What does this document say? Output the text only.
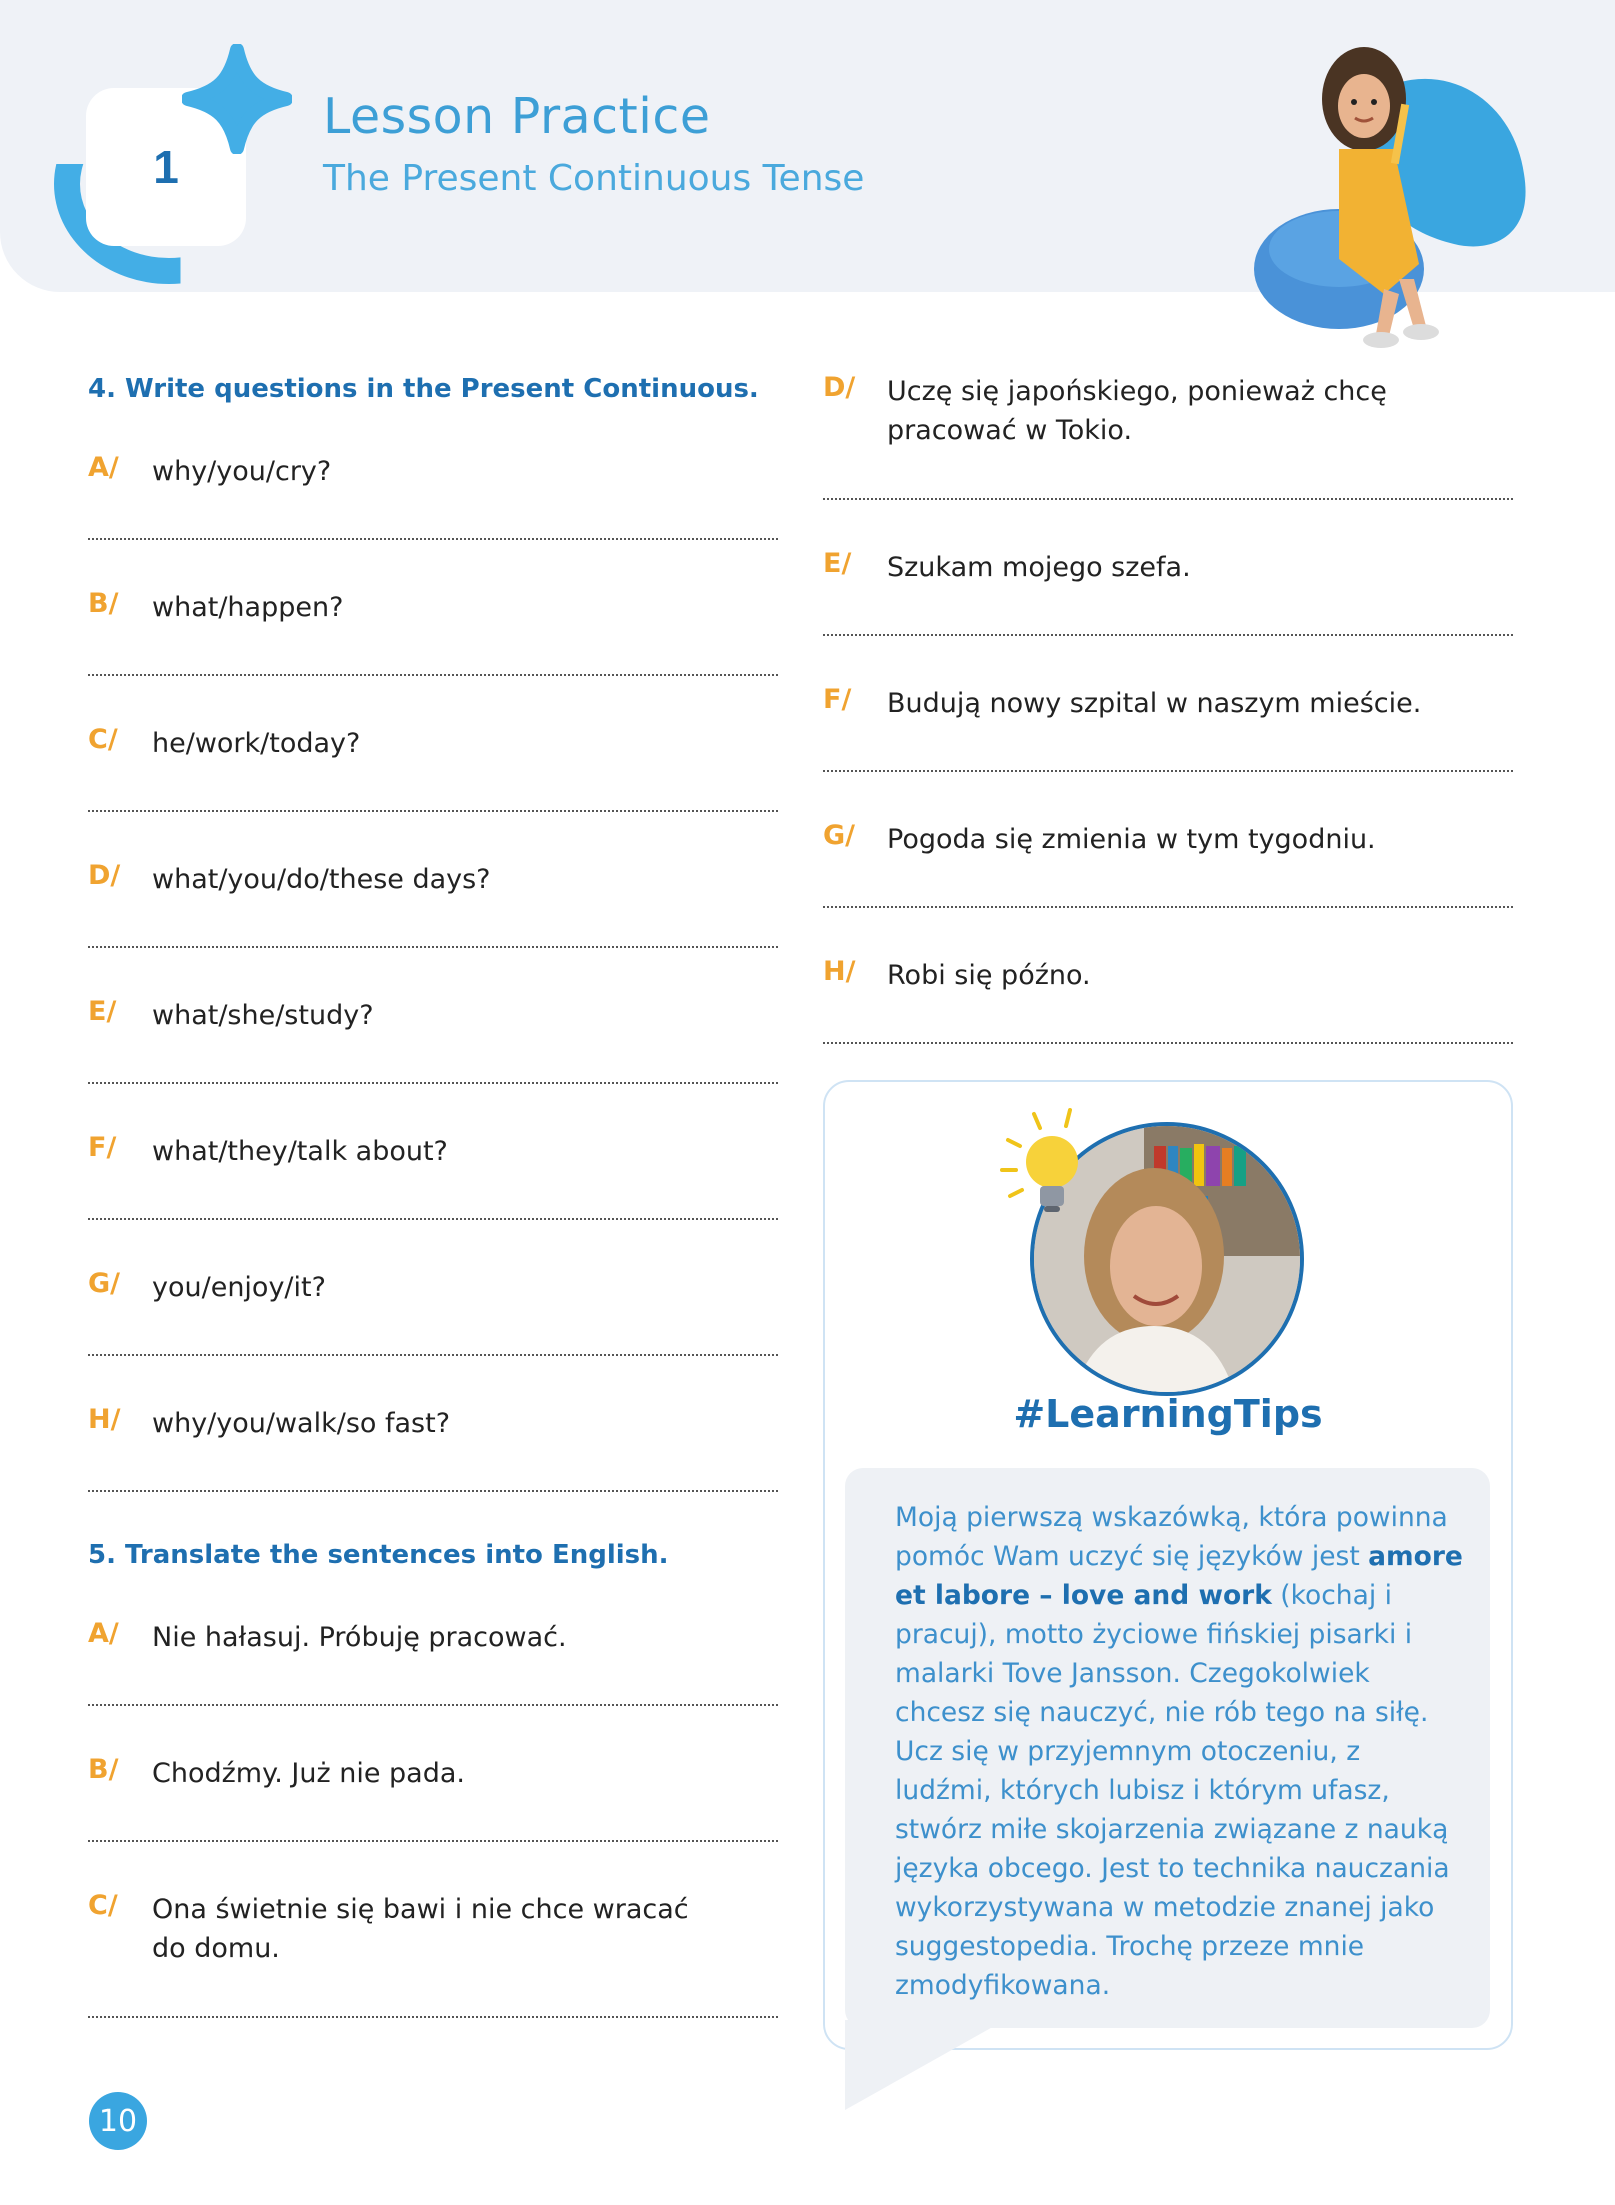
1
Lesson Practice
The Present Continuous Tense
4. Write questions in the Present Continuous.
A/ why/you/cry?
B/ what/happen?
C/ he/work/today?
D/ what/you/do/these days?
E/ what/she/study?
F/ what/they/talk about?
G/ you/enjoy/it?
H/ why/you/walk/so fast?
5. Translate the sentences into English.
A/ Nie hałasuj. Próbuję pracować.
B/ Chodźmy. Już nie pada.
C/ Ona świetnie się bawi i nie chce wracać do domu.
D/ Uczę się japońskiego, ponieważ chcę pracować w Tokio.
E/ Szukam mojego szefa.
F/ Budują nowy szpital w naszym mieście.
G/ Pogoda się zmienia w tym tygodniu.
H/ Robi się późno.
#LearningTips
Moją pierwszą wskazówką, która powinna pomóc Wam uczyć się języków jest amore et labore – love and work (kochaj i pracuj), motto życiowe fińskiej pisarki i malarki Tove Jansson. Czegokolwiek chcesz się nauczyć, nie rób tego na siłę. Ucz się w przyjemnym otoczeniu, z ludźmi, których lubisz i którym ufasz, stwórz miłe skojarzenia związane z nauką języka obcego. Jest to technika nauczania wykorzystywana w metodzie znanej jako suggestopedia. Trochę przeze mnie zmodyfikowana.
10
